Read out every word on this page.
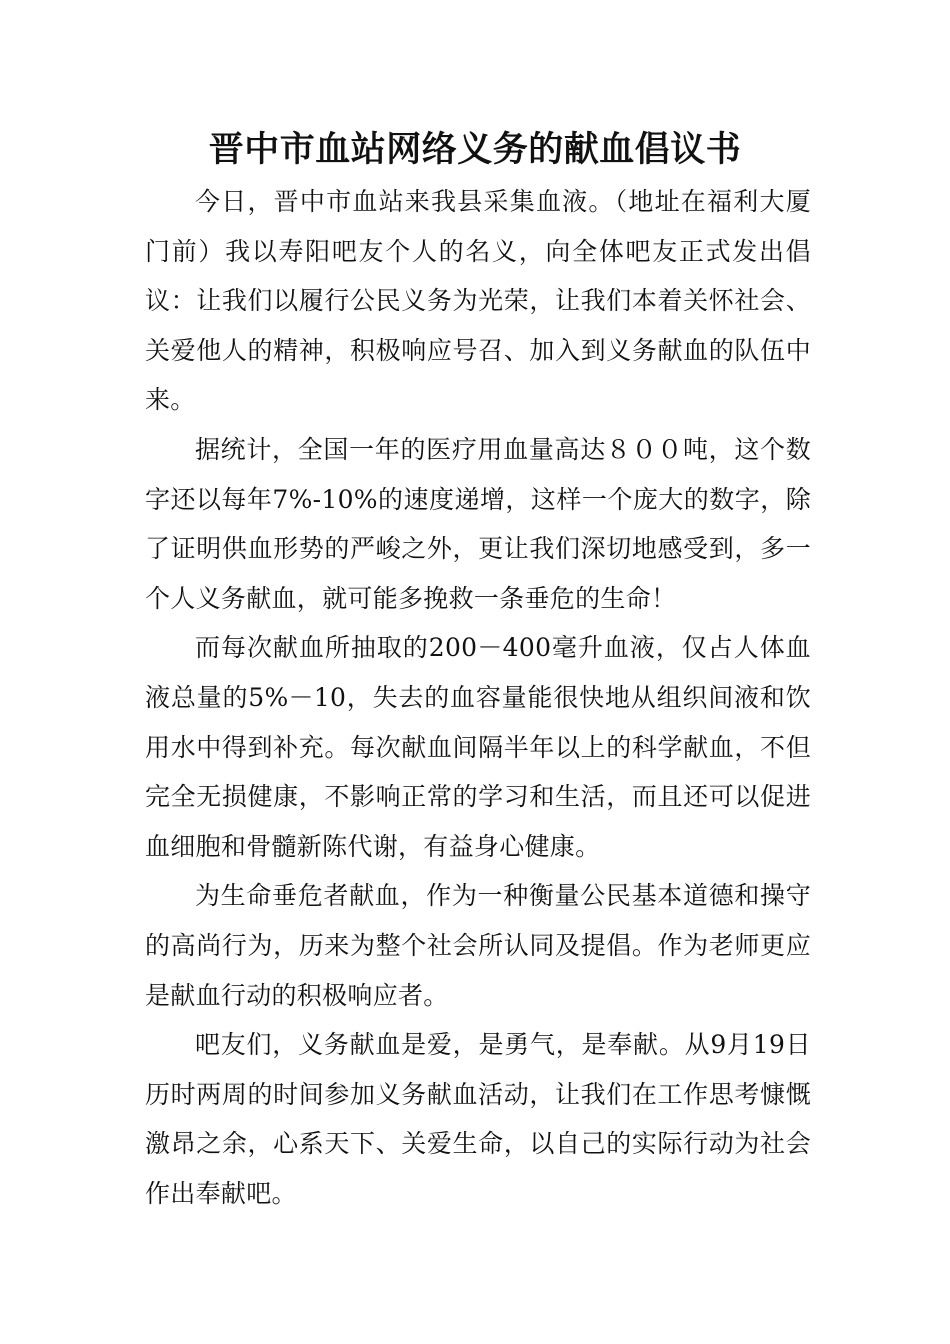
晋中市血站网络义务的献血倡议书

今日，晋中市血站来我县采集血液。（地址在福利大厦门前）我以寿阳吧友个人的名义，向全体吧友正式发出倡议：让我们以履行公民义务为光荣，让我们本着关怀社会、关爱他人的精神，积极响应号召、加入到义务献血的队伍中来。

据统计，全国一年的医疗用血量高达８００吨，这个数字还以每年7%-10%的速度递增，这样一个庞大的数字，除了证明供血形势的严峻之外，更让我们深切地感受到，多一个人义务献血，就可能多挽救一条垂危的生命！

而每次献血所抽取的200－400毫升血液，仅占人体血液总量的5%－10，失去的血容量能很快地从组织间液和饮用水中得到补充。每次献血间隔半年以上的科学献血，不但完全无损健康，不影响正常的学习和生活，而且还可以促进血细胞和骨髓新陈代谢，有益身心健康。

为生命垂危者献血，作为一种衡量公民基本道德和操守的高尚行为，历来为整个社会所认同及提倡。作为老师更应是献血行动的积极响应者。

吧友们，义务献血是爱，是勇气，是奉献。从9月19日历时两周的时间参加义务献血活动，让我们在工作思考慷慨激昂之余，心系天下、关爱生命，以自己的实际行动为社会作出奉献吧。
